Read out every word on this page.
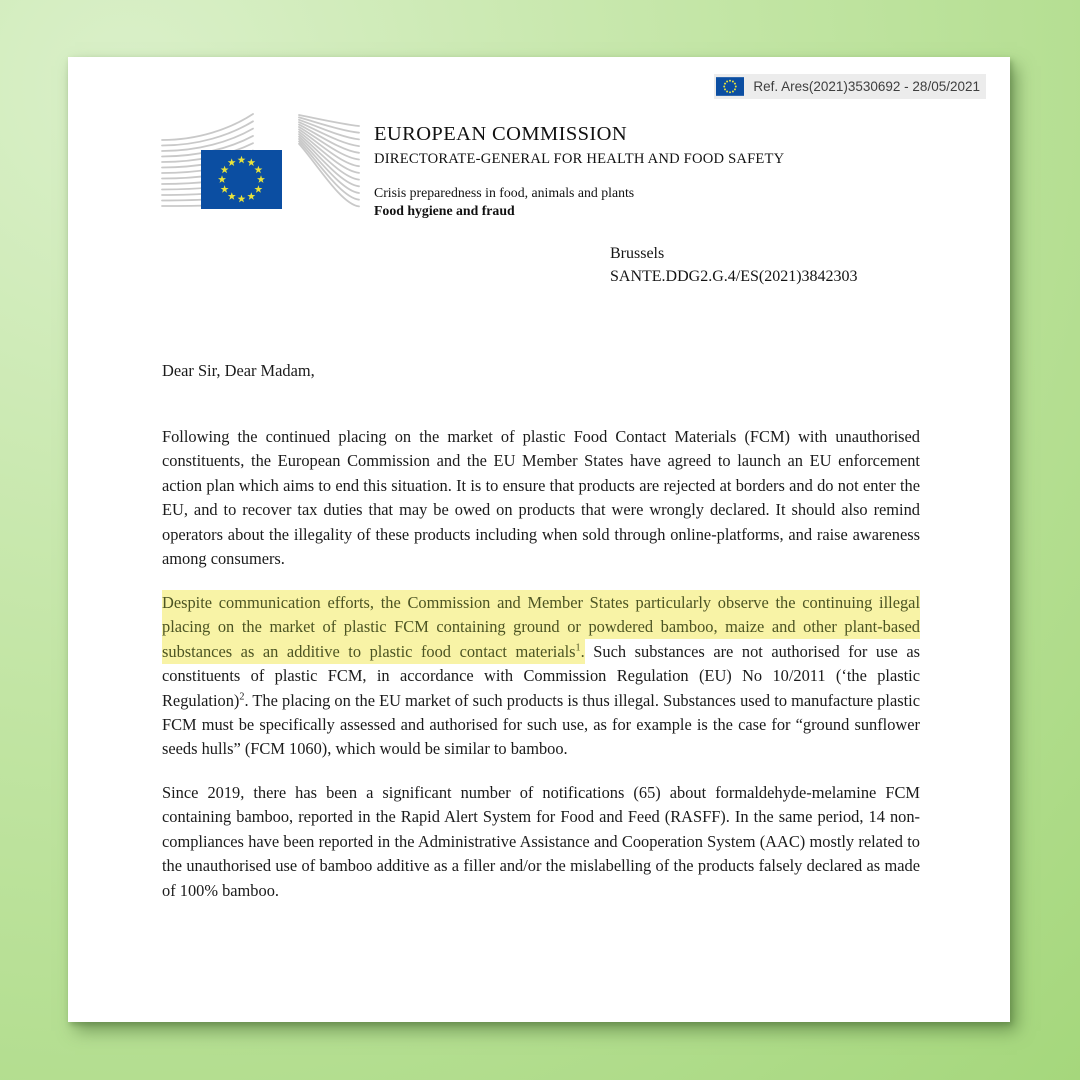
Ref. Ares(2021)3530692 - 28/05/2021
EUROPEAN COMMISSION
DIRECTORATE-GENERAL FOR HEALTH AND FOOD SAFETY
Crisis preparedness in food, animals and plants
Food hygiene and fraud
Brussels
SANTE.DDG2.G.4/ES(2021)3842303

Dear Sir, Dear Madam,

Following the continued placing on the market of plastic Food Contact Materials (FCM) with unauthorised constituents, the European Commission and the EU Member States have agreed to launch an EU enforcement action plan which aims to end this situation. It is to ensure that products are rejected at borders and do not enter the EU, and to recover tax duties that may be owed on products that were wrongly declared. It should also remind operators about the illegality of these products including when sold through online-platforms, and raise awareness among consumers.

Despite communication efforts, the Commission and Member States particularly observe the continuing illegal placing on the market of plastic FCM containing ground or powdered bamboo, maize and other plant-based substances as an additive to plastic food contact materials$^1$. Such substances are not authorised for use as constituents of plastic FCM, in accordance with Commission Regulation (EU) No 10/2011 (‘the plastic Regulation)$^2$. The placing on the EU market of such products is thus illegal. Substances used to manufacture plastic FCM must be specifically assessed and authorised for such use, as for example is the case for “ground sunflower seeds hulls” (FCM 1060), which would be similar to bamboo.

Since 2019, there has been a significant number of notifications (65) about formaldehyde-melamine FCM containing bamboo, reported in the Rapid Alert System for Food and Feed (RASFF). In the same period, 14 non-compliances have been reported in the Administrative Assistance and Cooperation System (AAC) mostly related to the unauthorised use of bamboo additive as a filler and/or the mislabelling of the products falsely declared as made of 100% bamboo.
